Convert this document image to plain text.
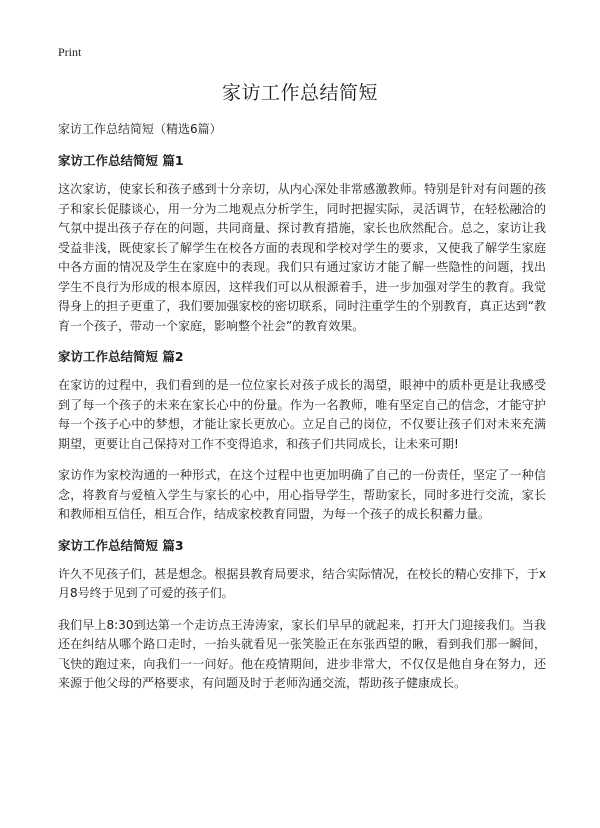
Print
家访工作总结简短

家访工作总结简短（精选6篇）

家访工作总结简短 篇1

这次家访，使家长和孩子感到十分亲切，从内心深处非常感激教师。特别是针对有问题的孩子和家长促膝谈心，用一分为二地观点分析学生，同时把握实际，灵活调节，在轻松融洽的气氛中提出孩子存在的问题，共同商量、探讨教育措施，家长也欣然配合。总之，家访让我受益非浅，既使家长了解学生在校各方面的表现和学校对学生的要求，又使我了解学生家庭中各方面的情况及学生在家庭中的表现。我们只有通过家访才能了解一些隐性的问题，找出学生不良行为形成的根本原因，这样我们可以从根源着手，进一步加强对学生的教育。我觉得身上的担子更重了，我们要加强家校的密切联系，同时注重学生的个别教育，真正达到“教育一个孩子，带动一个家庭，影响整个社会”的教育效果。

家访工作总结简短 篇2

在家访的过程中，我们看到的是一位位家长对孩子成长的渴望，眼神中的质朴更是让我感受到了每一个孩子的未来在家长心中的份量。作为一名教师，唯有坚定自己的信念，才能守护每一个孩子心中的梦想，才能让家长更放心。立足自己的岗位，不仅要让孩子们对未来充满期望，更要让自己保持对工作不变得追求，和孩子们共同成长，让未来可期!

家访作为家校沟通的一种形式，在这个过程中也更加明确了自己的一份责任，坚定了一种信念，将教育与爱植入学生与家长的心中，用心指导学生，帮助家长，同时多进行交流，家长和教师相互信任，相互合作，结成家校教育同盟，为每一个孩子的成长积蓄力量。

家访工作总结简短 篇3

许久不见孩子们，甚是想念。根据县教育局要求，结合实际情况，在校长的精心安排下，于x月8号终于见到了可爱的孩子们。

我们早上8:30到达第一个走访点王涛涛家，家长们早早的就起来，打开大门迎接我们。当我还在纠结从哪个路口走时，一抬头就看见一张笑脸正在东张西望的瞅，看到我们那一瞬间，飞快的跑过来，向我们一一问好。他在疫情期间，进步非常大，不仅仅是他自身在努力，还来源于他父母的严格要求，有问题及时于老师沟通交流，帮助孩子健康成长。
